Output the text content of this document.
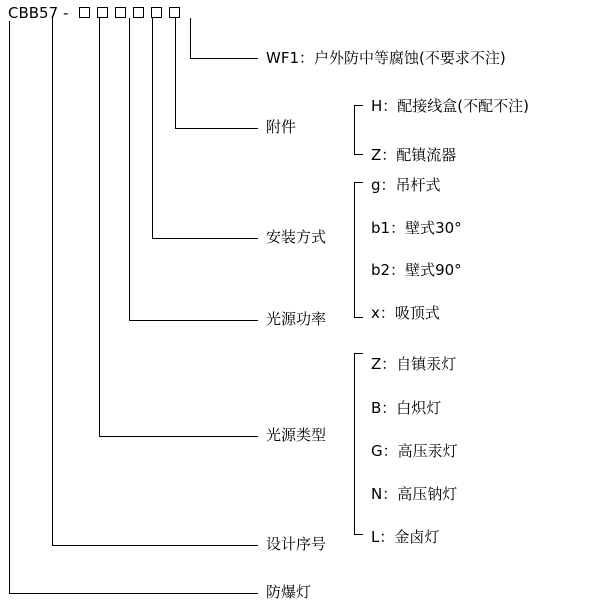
CBB57 -
WF1：户外防中等腐蚀(不要求不注)
附件
安装方式
光源功率
光源类型
设计序号
防爆灯
H：配接线盒(不配不注)
Z：配镇流器
g：吊杆式
b1：壁式30°
b2：壁式90°
x：吸顶式
Z：自镇汞灯
B：白炽灯
G：高压汞灯
N：高压钠灯
L：金卤灯
